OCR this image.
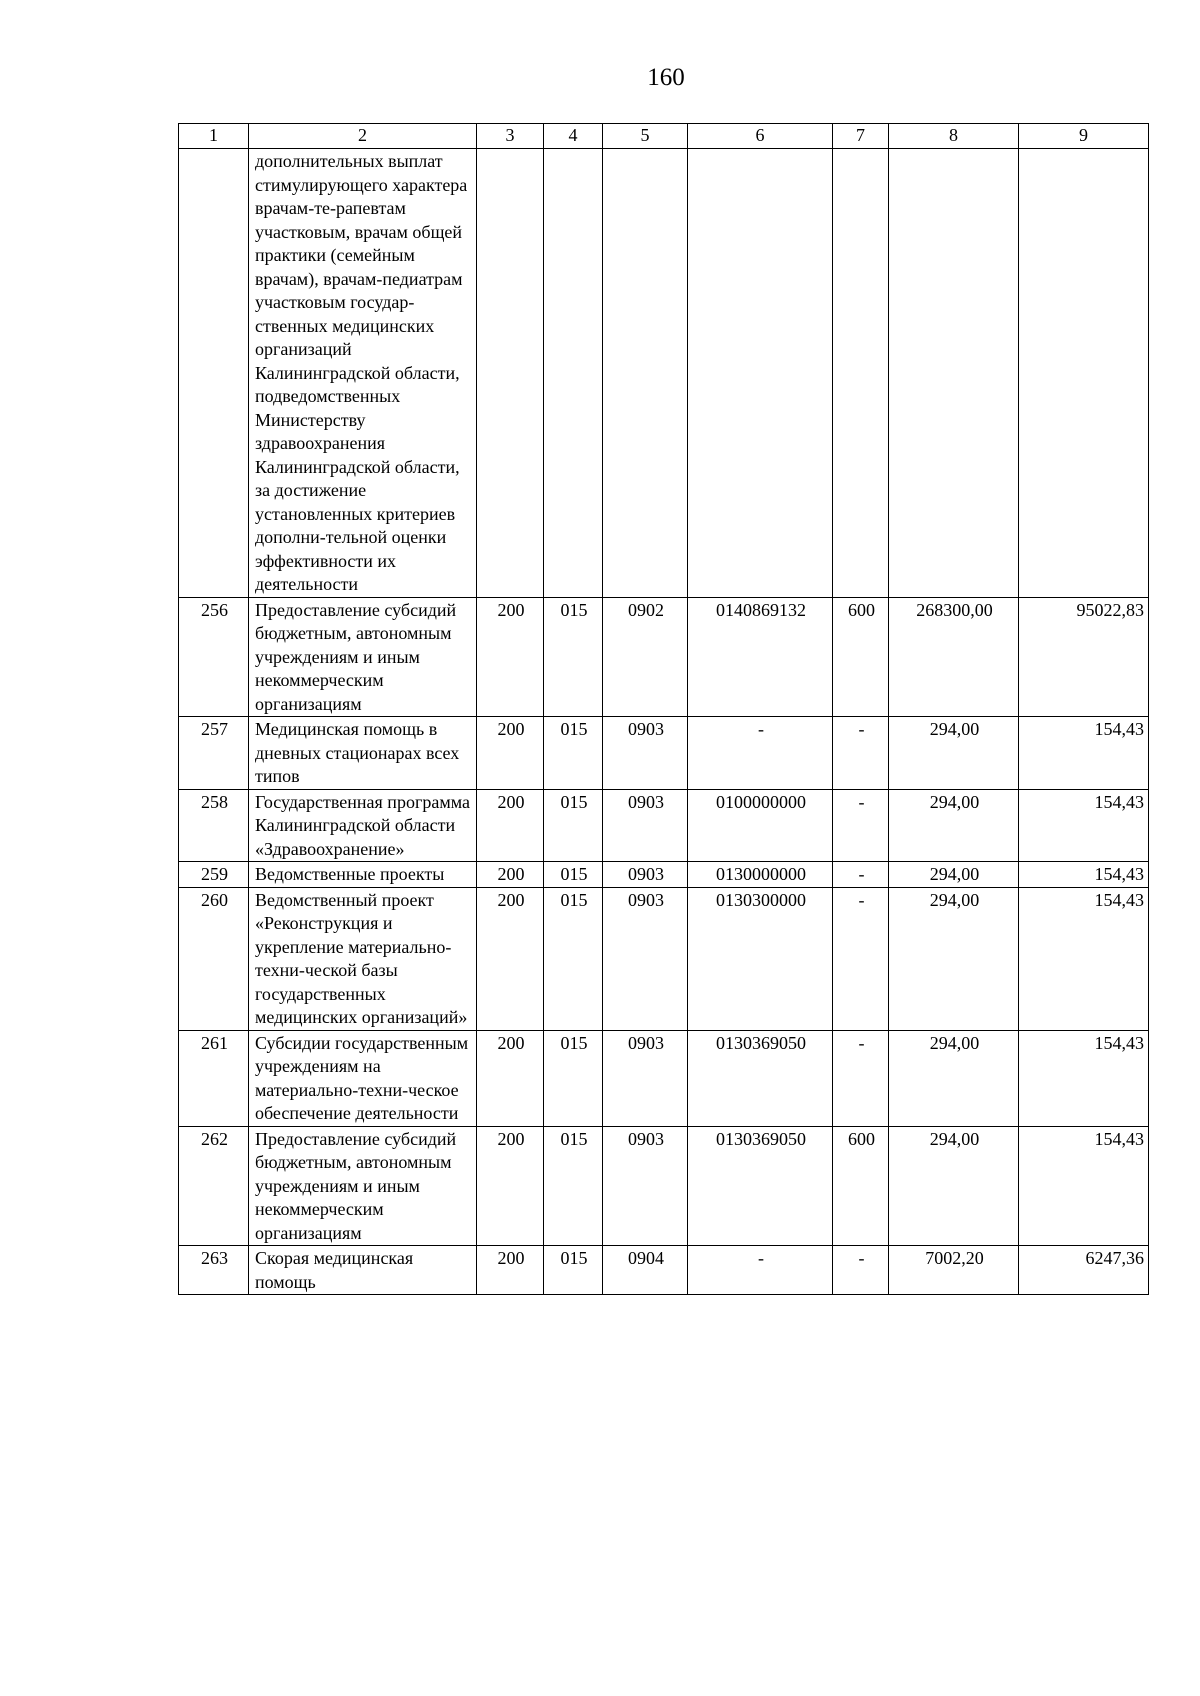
160
1	2	3	4	5	6	7	8	9
	дополнительных выплат стимулирующего характера врачам-те-рапевтам участковым, врачам общей практики (семейным врачам), врачам-педиатрам участковым государ-ственных медицинских организаций Калининградской области, подведомственных Министерству здравоохранения Калининградской области, за достижение установленных критериев дополни-тельной оценки эффективности их деятельности							
256	Предоставление субсидий бюджетным, автономным учреждениям и иным некоммерческим организациям	200	015	0902	0140869132	600	268300,00	95022,83
257	Медицинская помощь в дневных стационарах всех типов	200	015	0903	-	-	294,00	154,43
258	Государственная программа Калининградской области «Здравоохранение»	200	015	0903	0100000000	-	294,00	154,43
259	Ведомственные проекты	200	015	0903	0130000000	-	294,00	154,43
260	Ведомственный проект «Реконструкция и укрепление материально-техни-ческой базы государственных медицинских организаций»	200	015	0903	0130300000	-	294,00	154,43
261	Субсидии государственным учреждениям на материально-техни-ческое обеспечение деятельности	200	015	0903	0130369050	-	294,00	154,43
262	Предоставление субсидий бюджетным, автономным учреждениям и иным некоммерческим организациям	200	015	0903	0130369050	600	294,00	154,43
263	Скорая медицинская помощь	200	015	0904	-	-	7002,20	6247,36
